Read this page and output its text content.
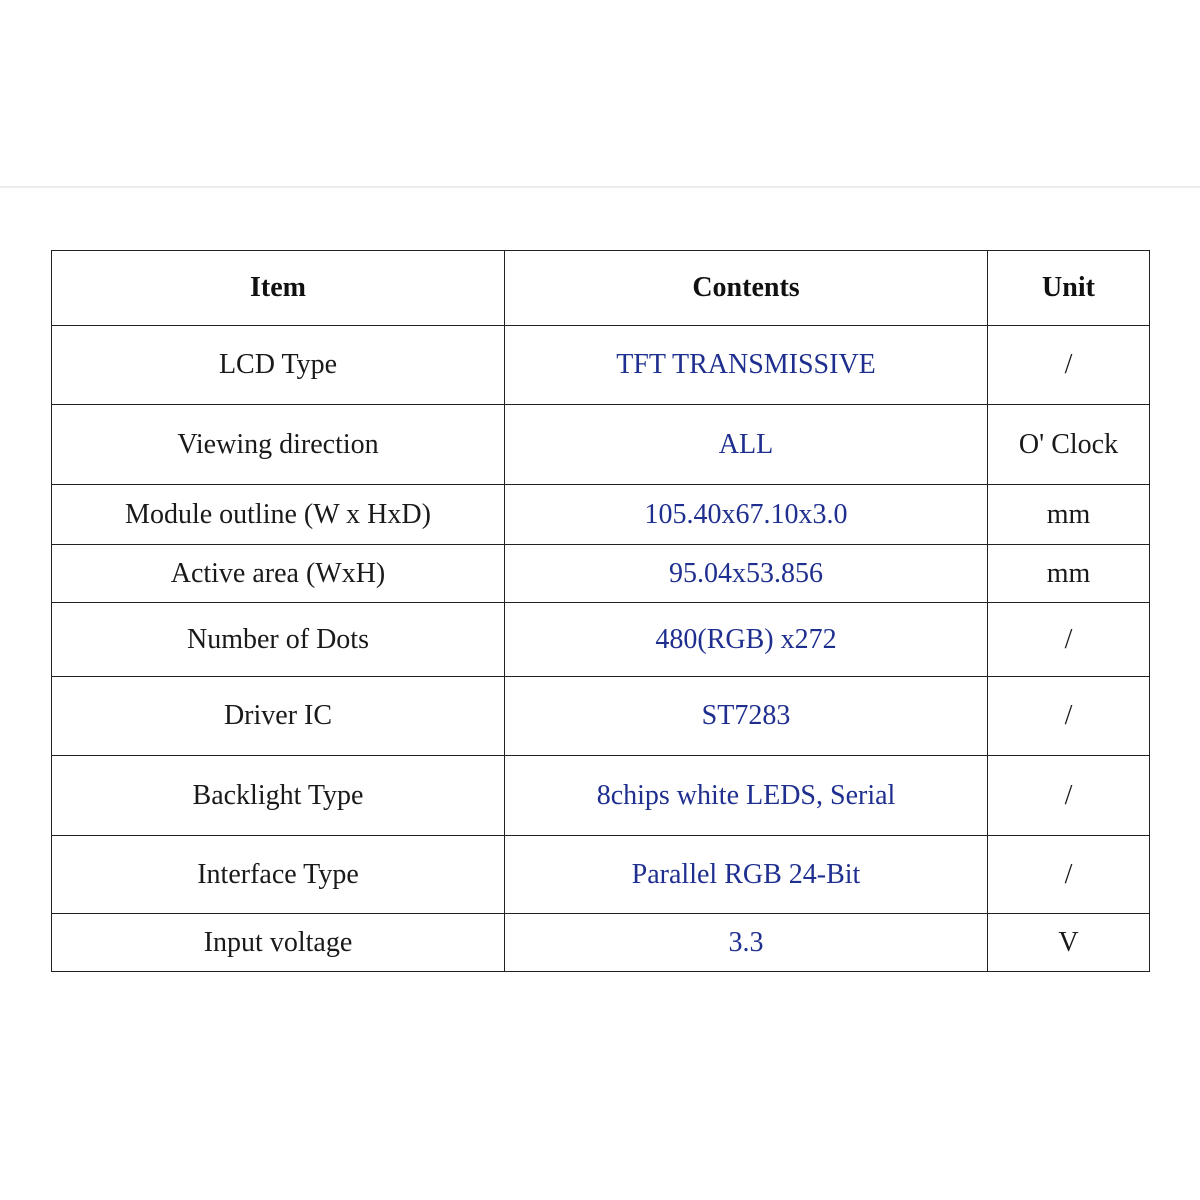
Item	Contents	Unit
LCD Type	TFT TRANSMISSIVE	/
Viewing direction	ALL	O' Clock
Module outline (W x HxD)	105.40x67.10x3.0	mm
Active area (WxH)	95.04x53.856	mm
Number of Dots	480(RGB) x272	/
Driver IC	ST7283	/
Backlight Type	8chips white LEDS, Serial	/
Interface Type	Parallel RGB 24-Bit	/
Input voltage	3.3	V
